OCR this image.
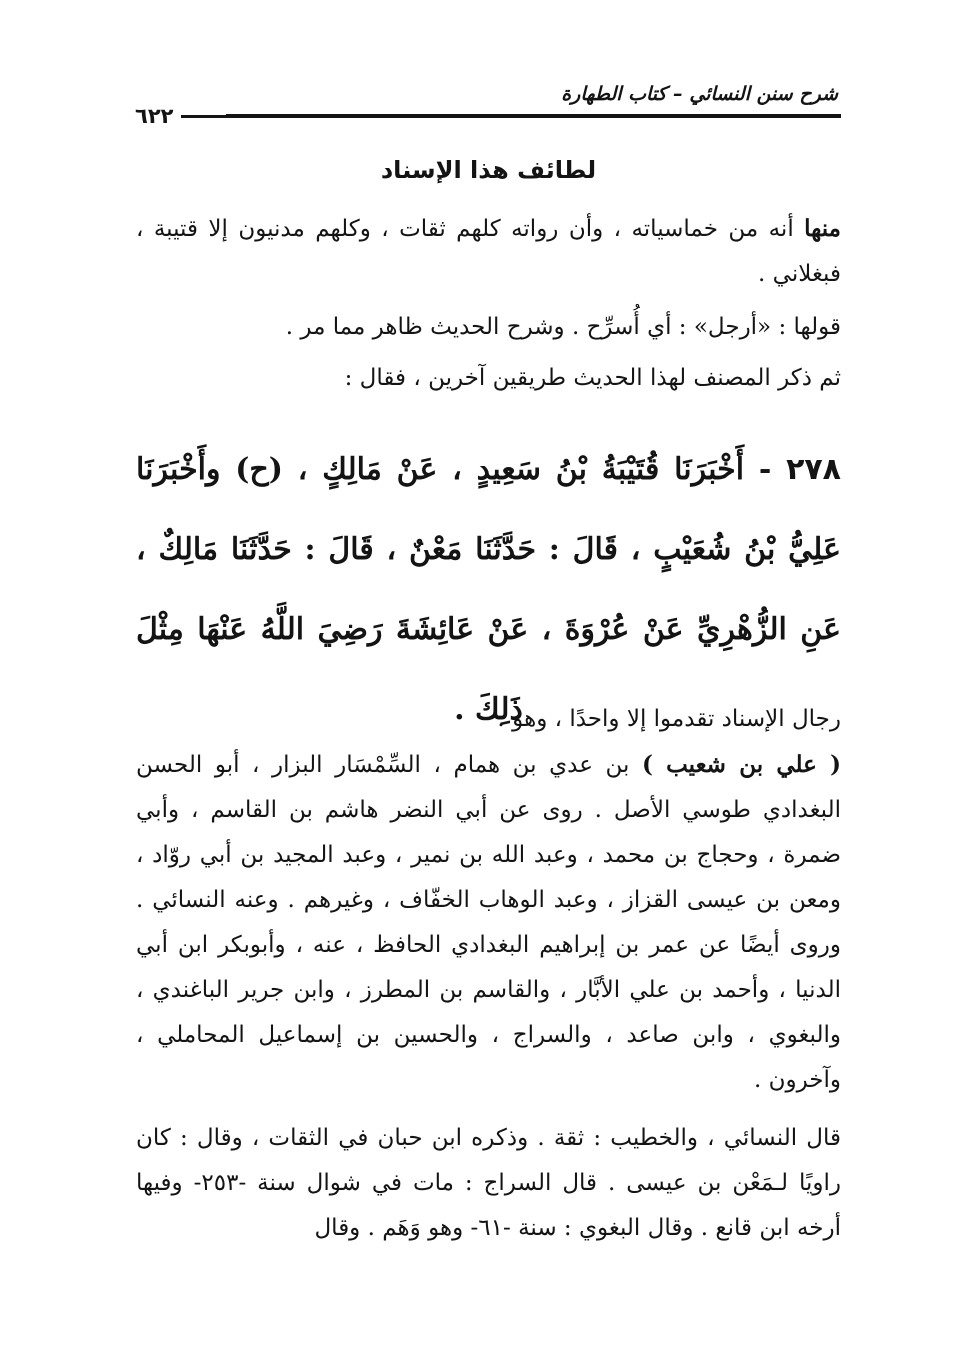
شرح سنن النسائي – كتاب الطهارة
٦٢٢
لطائف هذا الإسناد
منها أنه من خماسياته ، وأن رواته كلهم ثقات ، وكلهم مدنيون إلا قتيبة ، فبغلاني .
قولها : «أرجل» : أي أُسرِّح . وشرح الحديث ظاهر مما مر .
ثم ذكر المصنف لهذا الحديث طريقين آخرين ، فقال :
٢٧٨ - أَخْبَرَنَا قُتَيْبَةُ بْنُ سَعِيدٍ ، عَنْ مَالِكٍ ، (ح) وأَخْبَرَنَا عَلِيُّ بْنُ شُعَيْبٍ ، قَالَ : حَدَّثَنَا مَعْنٌ ، قَالَ : حَدَّثَنَا مَالِكٌ ، عَنِ الزُّهْرِيِّ عَنْ عُرْوَةَ ، عَنْ عَائِشَةَ رَضِيَ اللَّهُ عَنْهَا مِثْلَ ذَلِكَ .
رجال الإسناد تقدموا إلا واحدًا ، وهو :
( علي بن شعيب ) بن عدي بن همام ، السِّمْسَار البزار ، أبو الحسن البغدادي طوسي الأصل . روى عن أبي النضر هاشم بن القاسم ، وأبي ضمرة ، وحجاج بن محمد ، وعبد الله بن نمير ، وعبد المجيد بن أبي روّاد ، ومعن بن عيسى القزاز ، وعبد الوهاب الخفّاف ، وغيرهم . وعنه النسائي . وروى أيضًا عن عمر بن إبراهيم البغدادي الحافظ ، عنه ، وأبوبكر ابن أبي الدنيا ، وأحمد بن علي الأبَّار ، والقاسم بن المطرز ، وابن جرير الباغندي ، والبغوي ، وابن صاعد ، والسراج ، والحسين بن إسماعيل المحاملي ، وآخرون .
قال النسائي ، والخطيب : ثقة . وذكره ابن حبان في الثقات ، وقال : كان راويًا لـمَعْن بن عيسى . قال السراج : مات في شوال سنة -٢٥٣- وفيها أرخه ابن قانع . وقال البغوي : سنة -٦١- وهو وَهَم . وقال
